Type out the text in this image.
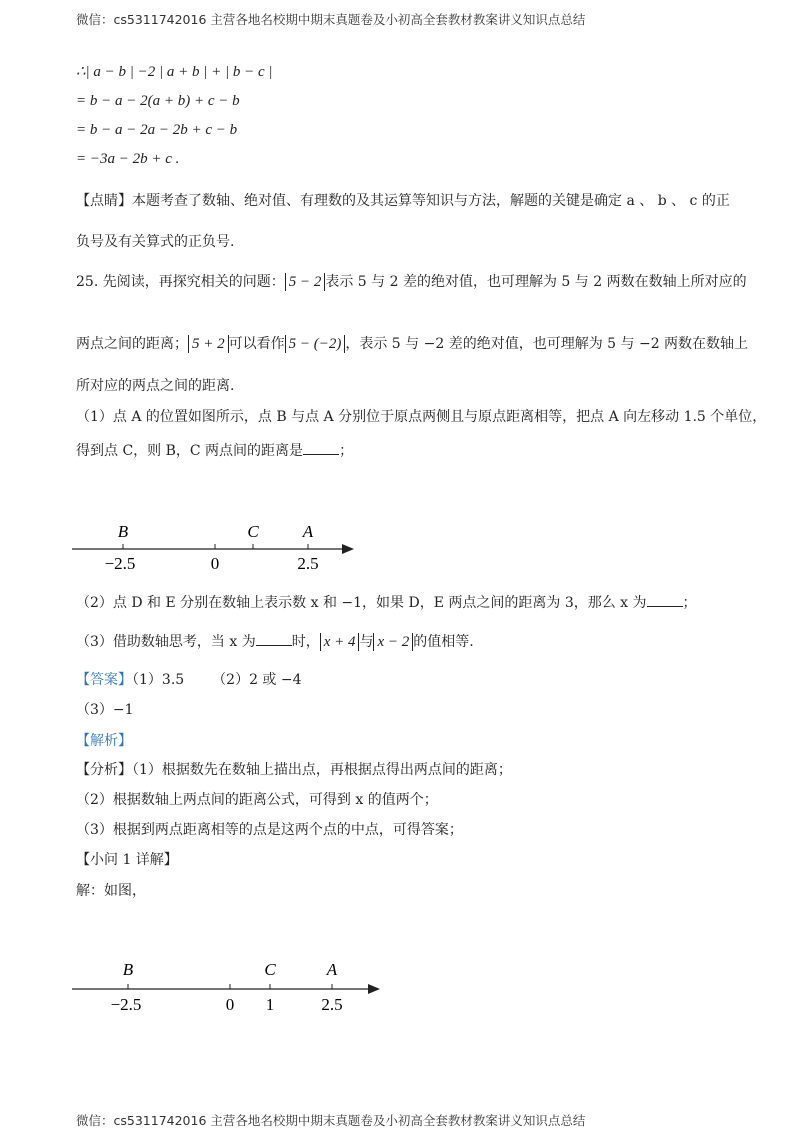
微信：cs5311742016 主营各地名校期中期末真题卷及小初高全套教材教案讲义知识点总结
∴| a − b | −2 | a + b | + | b − c |
= b − a − 2(a + b) + c − b
= b − a − 2a − 2b + c − b
= −3a − 2b + c .
【点睛】本题考查了数轴、绝对值、有理数的及其运算等知识与方法，解题的关键是确定 a 、 b 、 c 的正
负号及有关算式的正负号.
25. 先阅读，再探究相关的问题： 5 − 2 表示 5 与 2 差的绝对值，也可理解为 5 与 2 两数在数轴上所对应的
两点之间的距离； 5 + 2 可以看作 5 − (−2) ，表示 5 与 −2 差的绝对值，也可理解为 5 与 −2 两数在数轴上
所对应的两点之间的距离.
（1）点 A 的位置如图所示，点 B 与点 A 分别位于原点两侧且与原点距离相等，把点 A 向左移动 1.5 个单位，
得到点 C，则 B，C 两点间的距离是	；
B	C	A
−2.5	0	2.5
（2）点 D 和 E 分别在数轴上表示数 x 和 −1，如果 D，E 两点之间的距离为 3，那么 x 为	；
（3）借助数轴思考，当 x 为	时， x + 4 与 x − 2 的值相等.
【答案】（1）3.5 （2）2 或 −4
（3）−1
【解析】
【分析】（1）根据数先在数轴上描出点，再根据点得出两点间的距离；
（2）根据数轴上两点间的距离公式，可得到 x 的值两个；
（3）根据到两点距离相等的点是这两个点的中点，可得答案；
【小问 1 详解】
解：如图，
B	C	A
−2.5	0 1	2.5
微信：cs5311742016 主营各地名校期中期末真题卷及小初高全套教材教案讲义知识点总结
